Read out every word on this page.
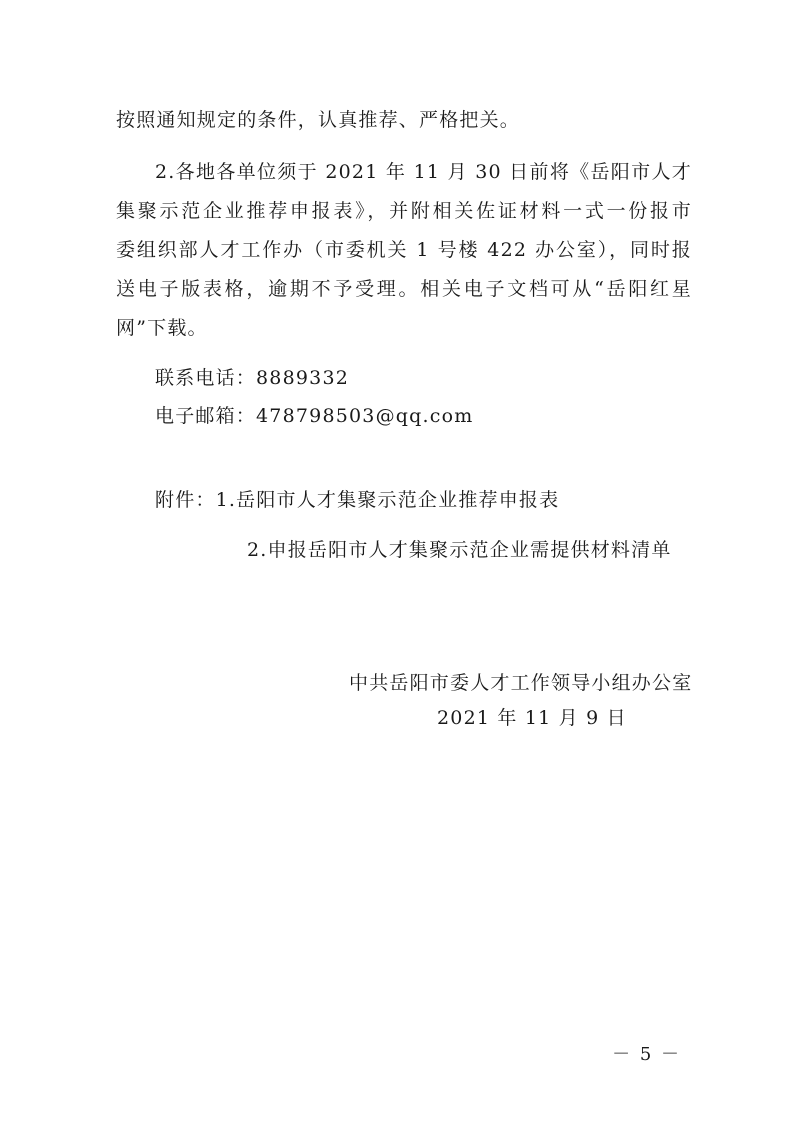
按照通知规定的条件，认真推荐、严格把关。
2.各地各单位须于 2021 年 11 月 30 日前将《岳阳市人才
集聚示范企业推荐申报表》，并附相关佐证材料一式一份报市
委组织部人才工作办（市委机关 1 号楼 422 办公室），同时报
送电子版表格，逾期不予受理。相关电子文档可从“岳阳红星
网”下载。
联系电话：8889332
电子邮箱：478798503@qq.com
附件：1.岳阳市人才集聚示范企业推荐申报表
2.申报岳阳市人才集聚示范企业需提供材料清单
中共岳阳市委人才工作领导小组办公室
2021 年 11 月 9 日
－ 5 －
